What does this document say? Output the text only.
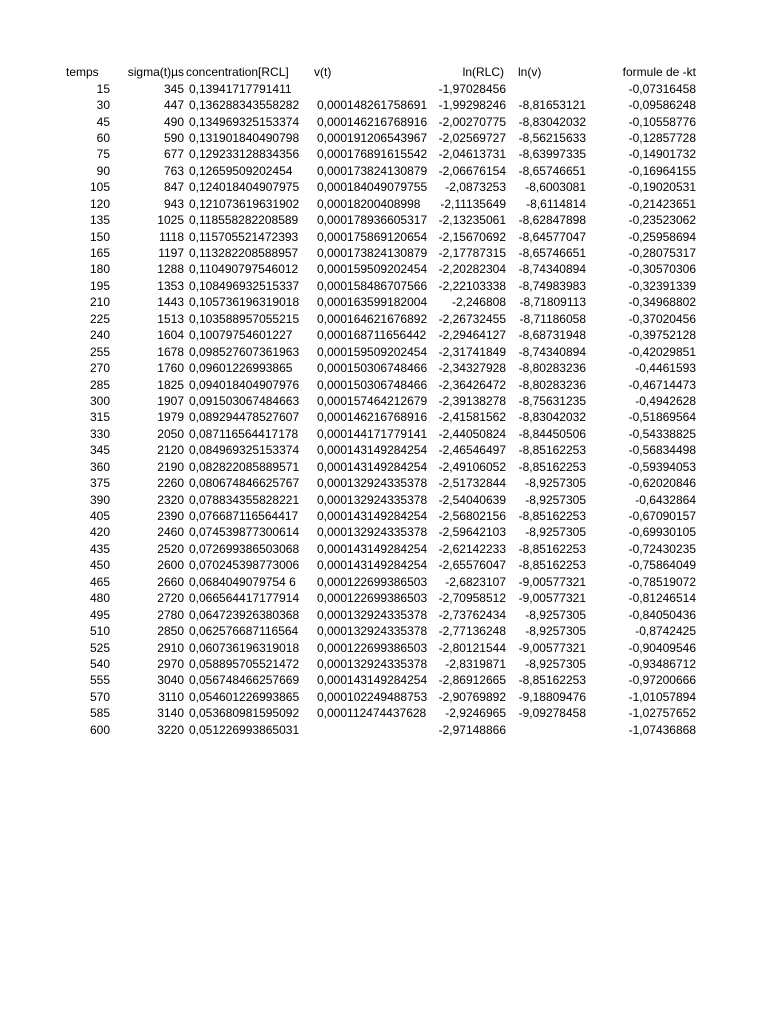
temps	sigma(t)µs	concentration[RCL]	v(t)	ln(RLC)	ln(v)	formule de -kt
15	345	0,13941717791411		-1,97028456		-0,07316458
30	447	0,136288343558282	0,000148261758691	-1,99298246	-8,81653121	-0,09586248
45	490	0,134969325153374	0,000146216768916	-2,00270775	-8,83042032	-0,10558776
60	590	0,131901840490798	0,000191206543967	-2,02569727	-8,56215633	-0,12857728
75	677	0,129233128834356	0,000176891615542	-2,04613731	-8,63997335	-0,14901732
90	763	0,12659509202454	0,000173824130879	-2,06676154	-8,65746651	-0,16964155
105	847	0,124018404907975	0,000184049079755	-2,0873253	-8,6003081	-0,19020531
120	943	0,121073619631902	0,00018200408998	-2,11135649	-8,6114814	-0,21423651
135	1025	0,118558282208589	0,000178936605317	-2,13235061	-8,62847898	-0,23523062
150	1118	0,115705521472393	0,000175869120654	-2,15670692	-8,64577047	-0,25958694
165	1197	0,113282208588957	0,000173824130879	-2,17787315	-8,65746651	-0,28075317
180	1288	0,110490797546012	0,000159509202454	-2,20282304	-8,74340894	-0,30570306
195	1353	0,108496932515337	0,000158486707566	-2,22103338	-8,74983983	-0,32391339
210	1443	0,105736196319018	0,000163599182004	-2,246808	-8,71809113	-0,34968802
225	1513	0,103588957055215	0,000164621676892	-2,26732455	-8,71186058	-0,37020456
240	1604	0,10079754601227	0,000168711656442	-2,29464127	-8,68731948	-0,39752128
255	1678	0,098527607361963	0,000159509202454	-2,31741849	-8,74340894	-0,42029851
270	1760	0,09601226993865	0,000150306748466	-2,34327928	-8,80283236	-0,4461593
285	1825	0,094018404907976	0,000150306748466	-2,36426472	-8,80283236	-0,46714473
300	1907	0,091503067484663	0,000157464212679	-2,39138278	-8,75631235	-0,4942628
315	1979	0,089294478527607	0,000146216768916	-2,41581562	-8,83042032	-0,51869564
330	2050	0,087116564417178	0,000144171779141	-2,44050824	-8,84450506	-0,54338825
345	2120	0,084969325153374	0,000143149284254	-2,46546497	-8,85162253	-0,56834498
360	2190	0,082822085889571	0,000143149284254	-2,49106052	-8,85162253	-0,59394053
375	2260	0,080674846625767	0,000132924335378	-2,51732844	-8,9257305	-0,62020846
390	2320	0,078834355828221	0,000132924335378	-2,54040639	-8,9257305	-0,6432864
405	2390	0,076687116564417	0,000143149284254	-2,56802156	-8,85162253	-0,67090157
420	2460	0,074539877300614	0,000132924335378	-2,59642103	-8,9257305	-0,69930105
435	2520	0,072699386503068	0,000143149284254	-2,62142233	-8,85162253	-0,72430235
450	2600	0,070245398773006	0,000143149284254	-2,65576047	-8,85162253	-0,75864049
465	2660	0,0684049079754 6	0,000122699386503	-2,6823107	-9,00577321	-0,78519072
480	2720	0,066564417177914	0,000122699386503	-2,70958512	-9,00577321	-0,81246514
495	2780	0,064723926380368	0,000132924335378	-2,73762434	-8,9257305	-0,84050436
510	2850	0,062576687116564	0,000132924335378	-2,77136248	-8,9257305	-0,8742425
525	2910	0,060736196319018	0,000122699386503	-2,80121544	-9,00577321	-0,90409546
540	2970	0,058895705521472	0,000132924335378	-2,8319871	-8,9257305	-0,93486712
555	3040	0,056748466257669	0,000143149284254	-2,86912665	-8,85162253	-0,97200666
570	3110	0,054601226993865	0,000102249488753	-2,90769892	-9,18809476	-1,01057894
585	3140	0,053680981595092	0,000112474437628	-2,9246965	-9,09278458	-1,02757652
600	3220	0,051226993865031		-2,97148866		-1,07436868
